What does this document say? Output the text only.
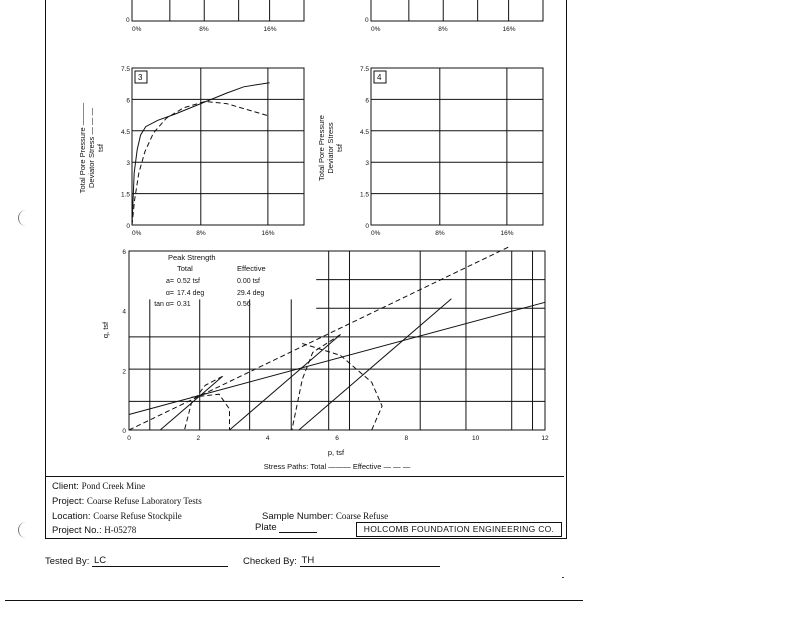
0%	8%	16%
0
0%	8%	16%
0
3
0
1.5
3
4.5
6
7.5
0%	8%	16%
Total Pore Pressure ——— Deviator Stress — — — tsf
4
0
1.5
3
4.5
6
7.5
0%	8%	16%
Total Pore Pressure Deviator Stress tsf
0	2	4	6	8	10	12
0
2
4
6
p, tsf
q, tsf
Peak Strength
Total	Effective
a= 0.52 tsf	0.00 tsf
α= 17.4 deg	29.4 deg
tan α= 0.31	0.56
Stress Paths: Total ——— Effective — — —
Client: Pond Creek Mine
Project: Coarse Refuse Laboratory Tests
Location: Coarse Refuse Stockpile
Project No.: H-05278
Sample Number: Coarse Refuse
Plate	HOLCOMB FOUNDATION ENGINEERING CO.
Tested By: LC	Checked By: TH
